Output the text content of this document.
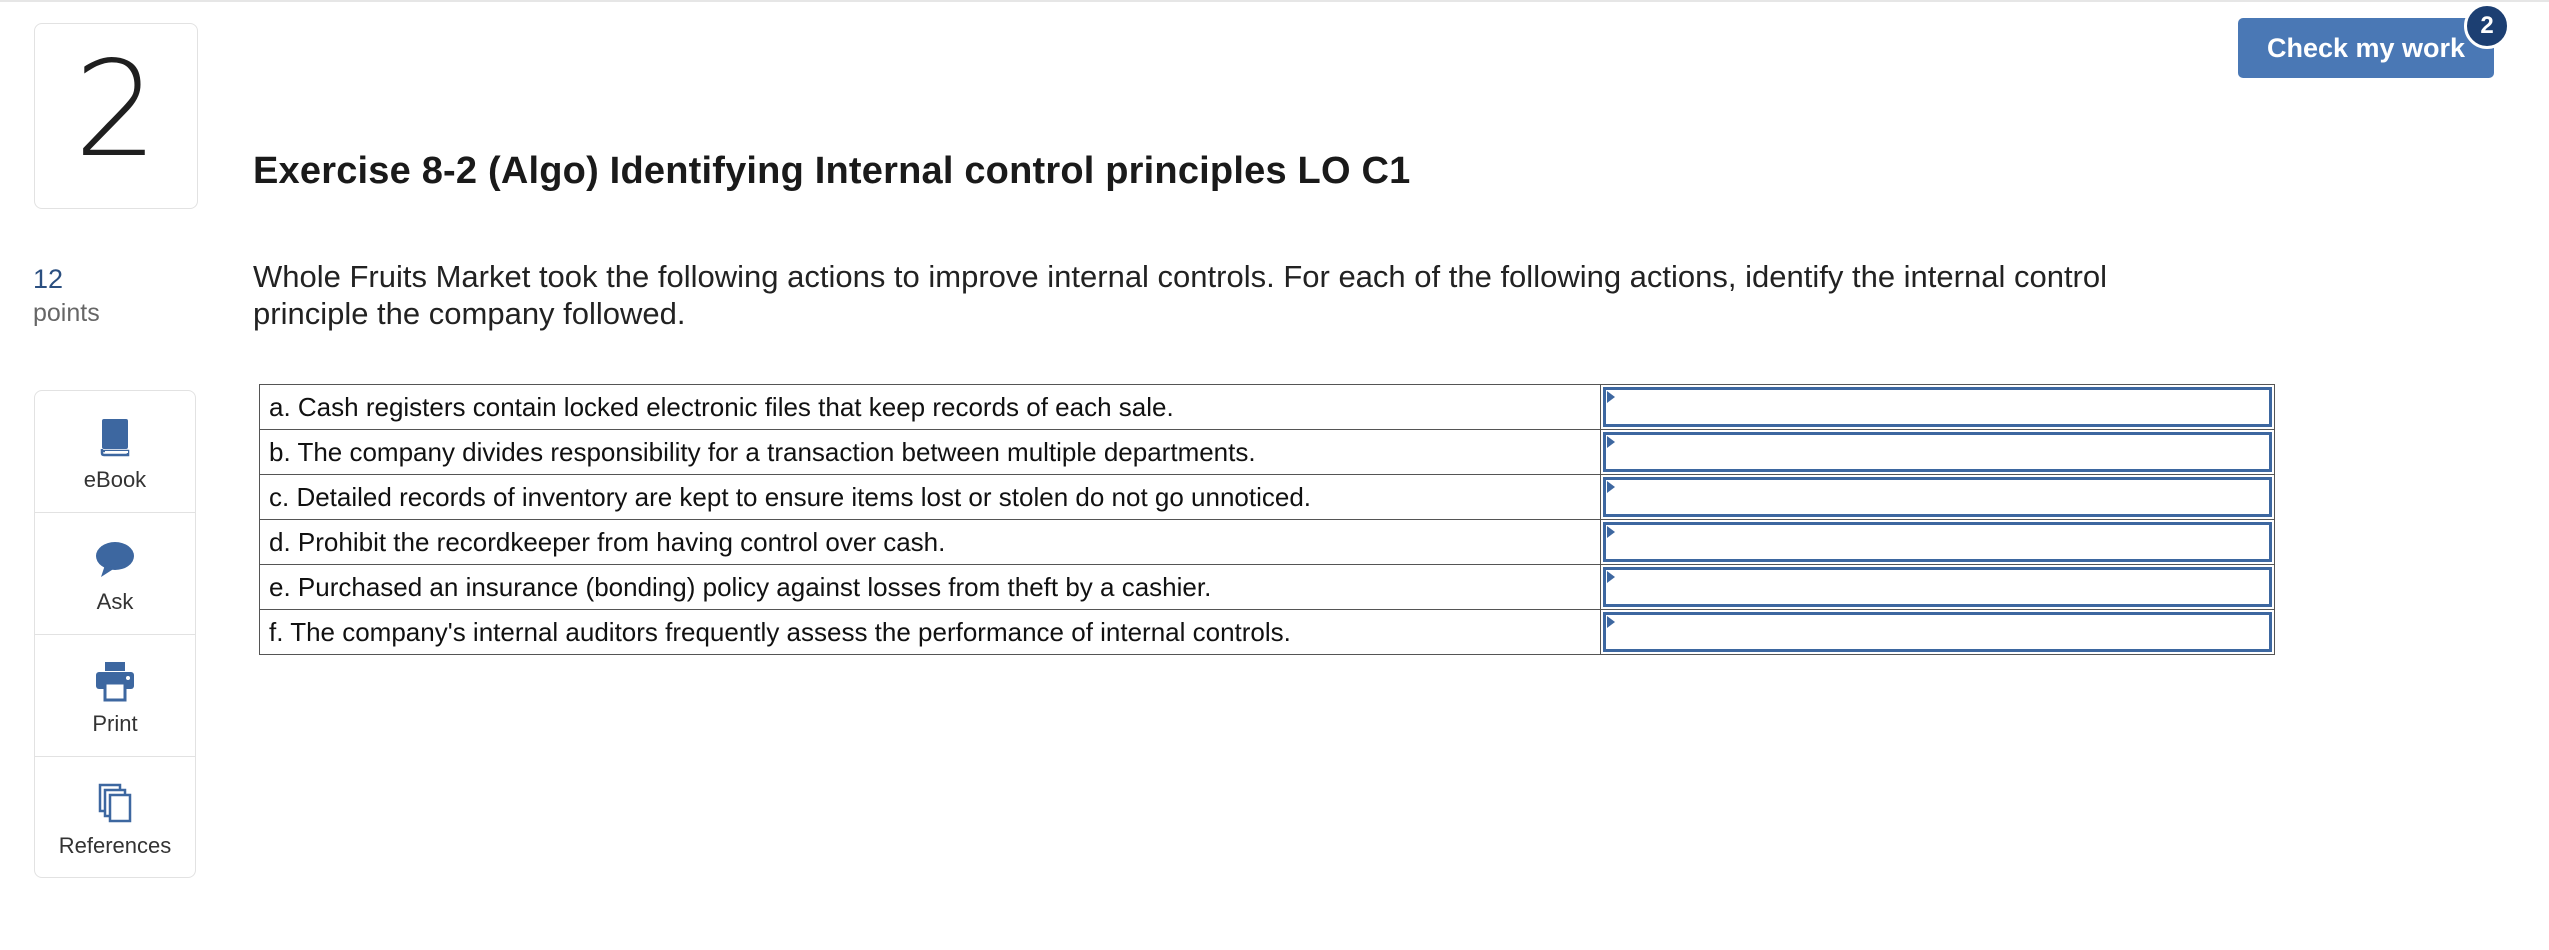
2
12
points
eBook
Ask
Print
References
Check my work
2
Exercise 8-2 (Algo) Identifying Internal control principles LO C1

Whole Fruits Market took the following actions to improve internal controls. For each of the following actions, identify the internal control principle the company followed.

a. Cash registers contain locked electronic files that keep records of each sale.	

b. The company divides responsibility for a transaction between multiple departments.	

c. Detailed records of inventory are kept to ensure items lost or stolen do not go unnoticed.	

d. Prohibit the recordkeeper from having control over cash.	

e. Purchased an insurance (bonding) policy against losses from theft by a cashier.	

f. The company's internal auditors frequently assess the performance of internal controls.	
